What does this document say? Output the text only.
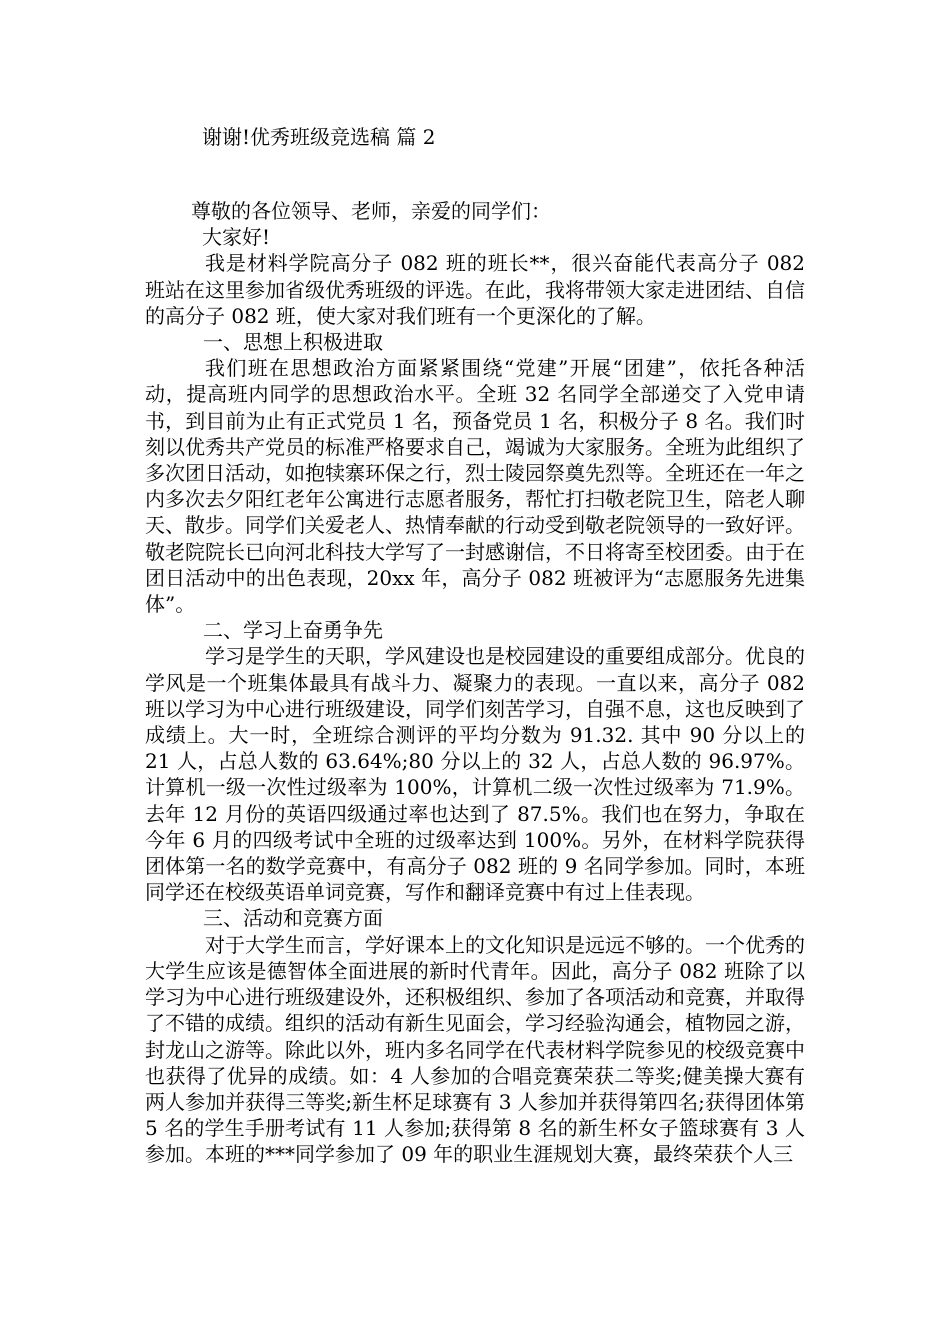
谢谢!优秀班级竞选稿 篇 2

尊敬的各位领导、老师，亲爱的同学们：

大家好!

我是材料学院高分子 082 班的班长**，很兴奋能代表高分子 082 班站在这里参加省级优秀班级的评选。在此，我将带领大家走进团结、自信的高分子 082 班，使大家对我们班有一个更深化的了解。

一、思想上积极进取

我们班在思想政治方面紧紧围绕“党建”开展“团建”，依托各种活动，提高班内同学的思想政治水平。全班 32 名同学全部递交了入党申请书，到目前为止有正式党员 1 名，预备党员 1 名，积极分子 8 名。我们时刻以优秀共产党员的标准严格要求自己，竭诚为大家服务。全班为此组织了多次团日活动，如抱犊寨环保之行，烈士陵园祭奠先烈等。全班还在一年之内多次去夕阳红老年公寓进行志愿者服务，帮忙打扫敬老院卫生，陪老人聊天、散步。同学们关爱老人、热情奉献的行动受到敬老院领导的一致好评。敬老院院长已向河北科技大学写了一封感谢信，不日将寄至校团委。由于在团日活动中的出色表现，20xx 年，高分子 082 班被评为“志愿服务先进集体”。

二、学习上奋勇争先

学习是学生的天职，学风建设也是校园建设的重要组成部分。优良的学风是一个班集体最具有战斗力、凝聚力的表现。一直以来，高分子 082 班以学习为中心进行班级建设，同学们刻苦学习，自强不息，这也反映到了成绩上。大一时，全班综合测评的平均分数为 91.32. 其中 90 分以上的 21 人，占总人数的 63.64%;80 分以上的 32 人，占总人数的 96.97%。计算机一级一次性过级率为 100%，计算机二级一次性过级率为 71.9%。去年 12 月份的英语四级通过率也达到了 87.5%。我们也在努力，争取在今年 6 月的四级考试中全班的过级率达到 100%。另外，在材料学院获得团体第一名的数学竞赛中，有高分子 082 班的 9 名同学参加。同时，本班同学还在校级英语单词竞赛，写作和翻译竞赛中有过上佳表现。

三、活动和竞赛方面

对于大学生而言，学好课本上的文化知识是远远不够的。一个优秀的大学生应该是德智体全面进展的新时代青年。因此，高分子 082 班除了以学习为中心进行班级建设外，还积极组织、参加了各项活动和竞赛，并取得了不错的成绩。组织的活动有新生见面会，学习经验沟通会，植物园之游，封龙山之游等。除此以外，班内多名同学在代表材料学院参见的校级竞赛中也获得了优异的成绩。如：4 人参加的合唱竞赛荣获二等奖;健美操大赛有两人参加并获得三等奖;新生杯足球赛有 3 人参加并获得第四名;获得团体第 5 名的学生手册考试有 11 人参加;获得第 8 名的新生杯女子篮球赛有 3 人参加。本班的***同学参加了 09 年的职业生涯规划大赛，最终荣获个人三
